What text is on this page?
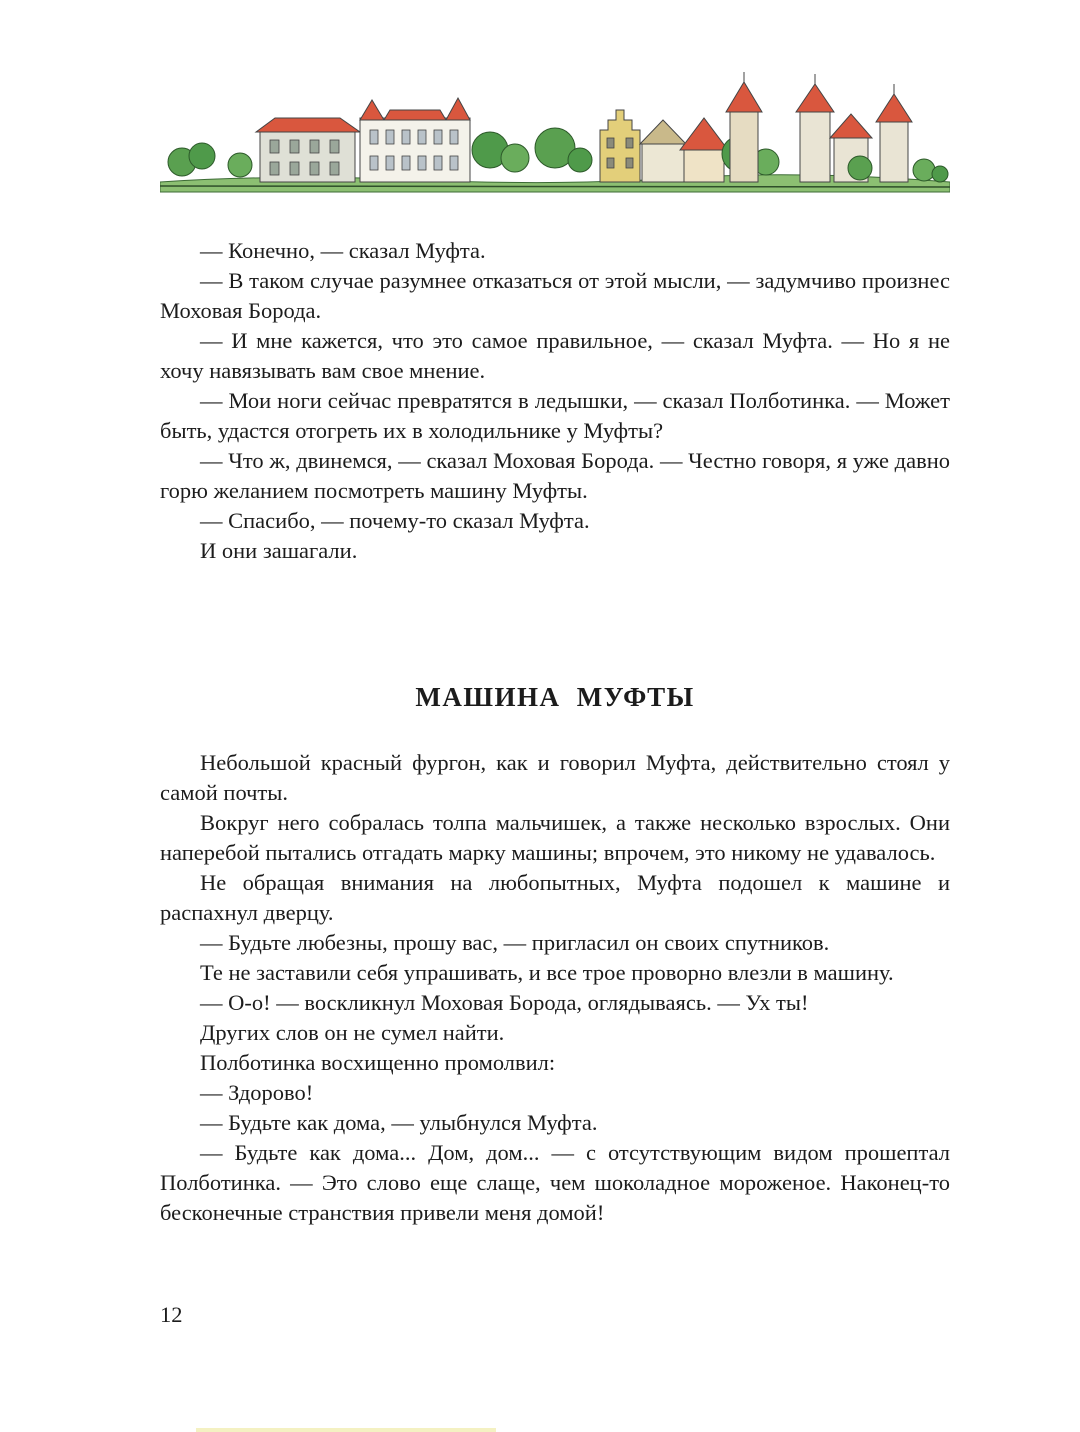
— Конечно, — сказал Муфта.

— В таком случае разумнее отказаться от этой мысли, — задумчиво произнес Моховая Борода.

— И мне кажется, что это самое правильное, — сказал Муфта. — Но я не хочу навязывать вам свое мнение.

— Мои ноги сейчас превратятся в ледышки, — сказал Полботинка. — Может быть, удастся отогреть их в холодильнике у Муфты?

— Что ж, двинемся, — сказал Моховая Борода. — Честно говоря, я уже давно горю желанием посмотреть машину Муфты.

— Спасибо, — почему-то сказал Муфта.

И они зашагали.

МАШИНА МУФТЫ

Небольшой красный фургон, как и говорил Муфта, действительно стоял у самой почты.

Вокруг него собралась толпа мальчишек, а также несколько взрослых. Они наперебой пытались отгадать марку машины; впрочем, это никому не удавалось.

Не обращая внимания на любопытных, Муфта подошел к машине и распахнул дверцу.

— Будьте любезны, прошу вас, — пригласил он своих спутников.

Те не заставили себя упрашивать, и все трое проворно влезли в машину.

— О-о! — воскликнул Моховая Борода, оглядываясь. — Ух ты!

Других слов он не сумел найти.

Полботинка восхищенно промолвил:

— Здорово!

— Будьте как дома, — улыбнулся Муфта.

— Будьте как дома... Дом, дом... — с отсутствующим видом прошептал Полботинка. — Это слово еще слаще, чем шоколадное мороженое. Наконец-то бесконечные странствия привели меня домой!

12
